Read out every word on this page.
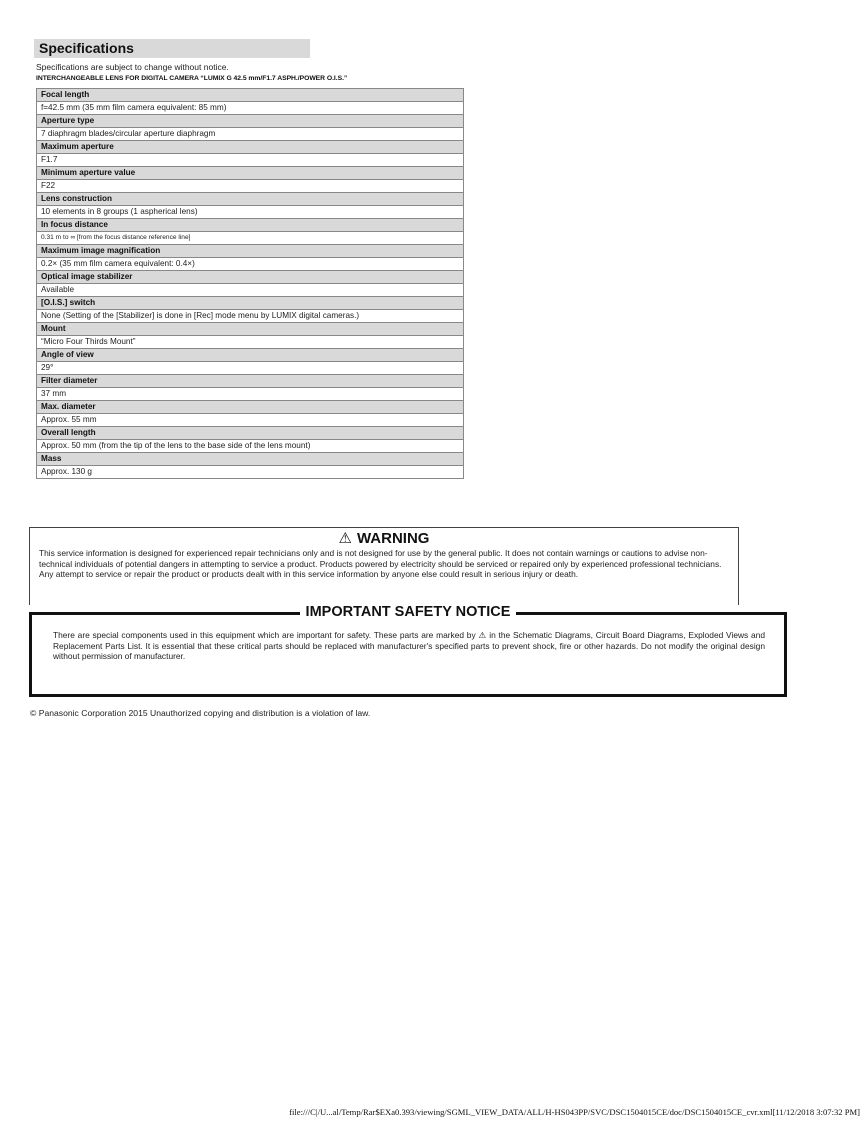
Specifications
Specifications are subject to change without notice.
INTERCHANGEABLE LENS FOR DIGITAL CAMERA “LUMIX G 42.5 mm/F1.7 ASPH./POWER O.I.S.”
Focal length
f=42.5 mm (35 mm film camera equivalent: 85 mm)
Aperture type
7 diaphragm blades/circular aperture diaphragm
Maximum aperture
F1.7
Minimum aperture value
F22
Lens construction
10 elements in 8 groups (1 aspherical lens)
In focus distance
0.31 m to ∞ [from the focus distance reference line]
Maximum image magnification
0.2× (35 mm film camera equivalent: 0.4×)
Optical image stabilizer
Available
[O.I.S.] switch
None (Setting of the [Stabilizer] is done in [Rec] mode menu by LUMIX digital cameras.)
Mount
“Micro Four Thirds Mount”
Angle of view
29°
Filter diameter
37 mm
Max. diameter
Approx. 55 mm
Overall length
Approx. 50 mm (from the tip of the lens to the base side of the lens mount)
Mass
Approx. 130 g
⚠ WARNING

This service information is designed for experienced repair technicians only and is not designed for use by the general public. It does not contain warnings or cautions to advise non-technical individuals of potential dangers in attempting to service a product. Products powered by electricity should be serviced or repaired only by experienced professional technicians. Any attempt to service or repair the product or products dealt with in this service information by anyone else could result in serious injury or death.

IMPORTANT SAFETY NOTICE

There are special components used in this equipment which are important for safety. These parts are marked by ⚠ in the Schematic Diagrams, Circuit Board Diagrams, Exploded Views and Replacement Parts List. It is essential that these critical parts should be replaced with manufacturer's specified parts to prevent shock, fire or other hazards. Do not modify the original design without permission of manufacturer.

© Panasonic Corporation 2015 Unauthorized copying and distribution is a violation of law.
file:///C|/U...al/Temp/Rar$EXa0.393/viewing/SGML_VIEW_DATA/ALL/H-HS043PP/SVC/DSC1504015CE/doc/DSC1504015CE_cvr.xml[11/12/2018 3:07:32 PM]
